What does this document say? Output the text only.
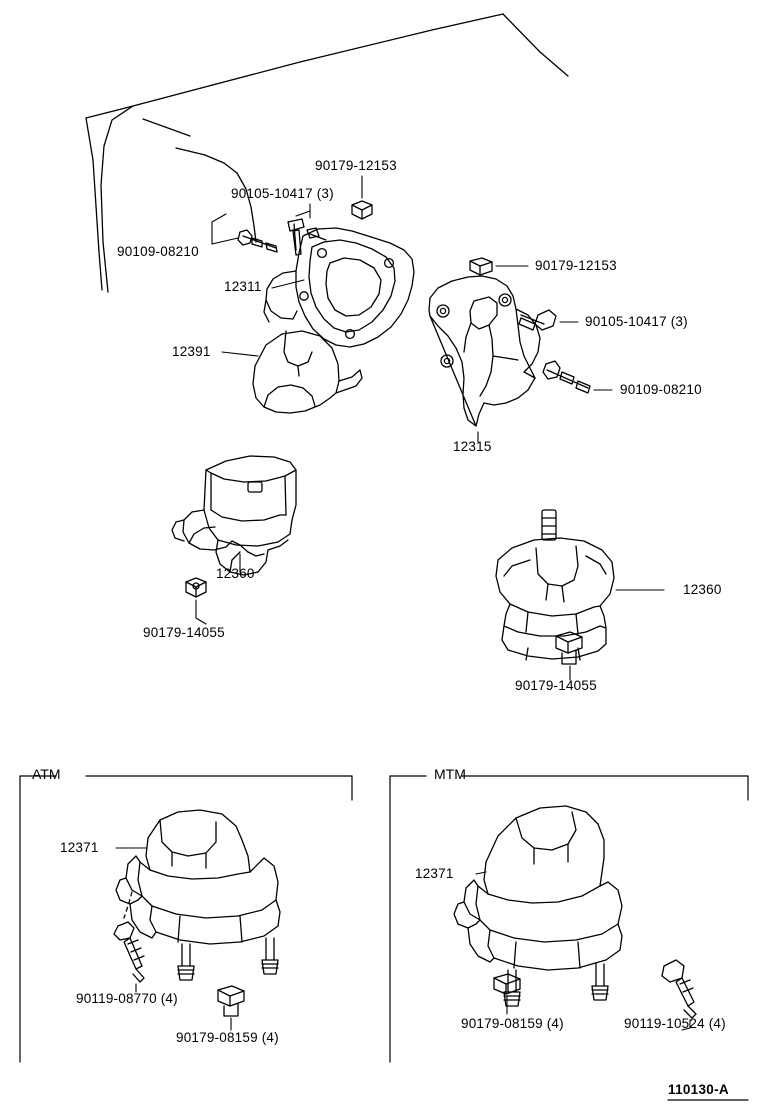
90179-12153
90105-10417 (3)
90109-08210
12311
12391
90179-12153
90105-10417 (3)
90109-08210
12315
12360
90179-14055
12360
90179-14055
ATM	MTM
12371
90119-08770 (4)
90179-08159 (4)
12371
90179-08159 (4)	90119-10524 (4)
110130-A
